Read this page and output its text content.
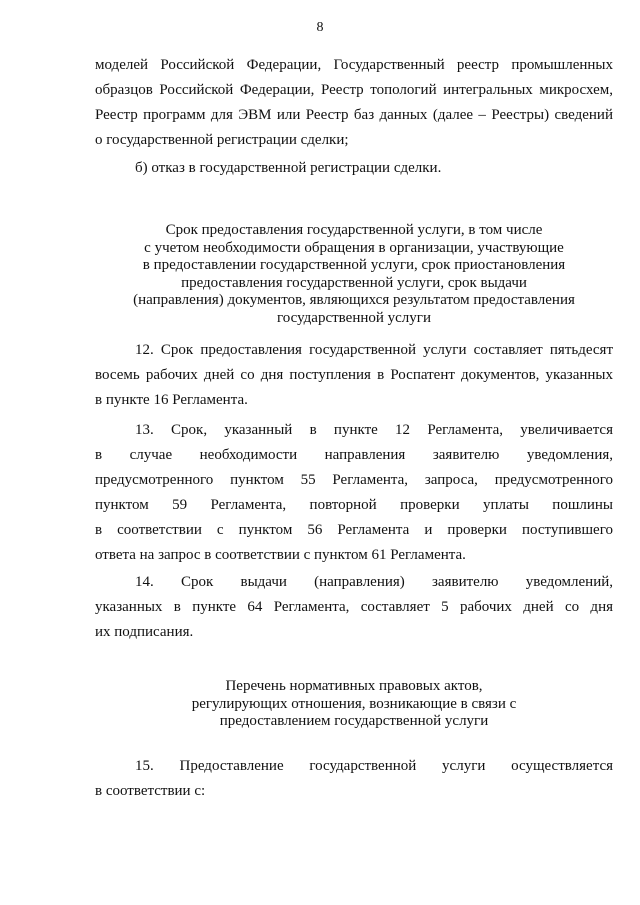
8
моделей Российской Федерации, Государственный реестр промышленных
образцов Российской Федерации, Реестр топологий интегральных микросхем,
Реестр программ для ЭВМ или Реестр баз данных (далее – Реестры) сведений
о государственной регистрации сделки;
б) отказ в государственной регистрации сделки.
Срок предоставления государственной услуги, в том числе
с учетом необходимости обращения в организации, участвующие
в предоставлении государственной услуги, срок приостановления
предоставления государственной услуги, срок выдачи
(направления) документов, являющихся результатом предоставления
государственной услуги
12. Срок предоставления государственной услуги составляет пятьдесят
восемь рабочих дней со дня поступления в Роспатент документов, указанных
в пункте 16 Регламента.
13. Срок, указанный в пункте 12 Регламента, увеличивается
в случае необходимости направления заявителю уведомления,
предусмотренного пунктом 55 Регламента, запроса, предусмотренного
пунктом 59 Регламента, повторной проверки уплаты пошлины
в соответствии с пунктом 56 Регламента и проверки поступившего
ответа на запрос в соответствии с пунктом 61 Регламента.
14. Срок выдачи (направления) заявителю уведомлений,
указанных в пункте 64 Регламента, составляет 5 рабочих дней со дня
их подписания.
Перечень нормативных правовых актов,
регулирующих отношения, возникающие в связи с
предоставлением государственной услуги
15. Предоставление государственной услуги осуществляется
в соответствии с:
